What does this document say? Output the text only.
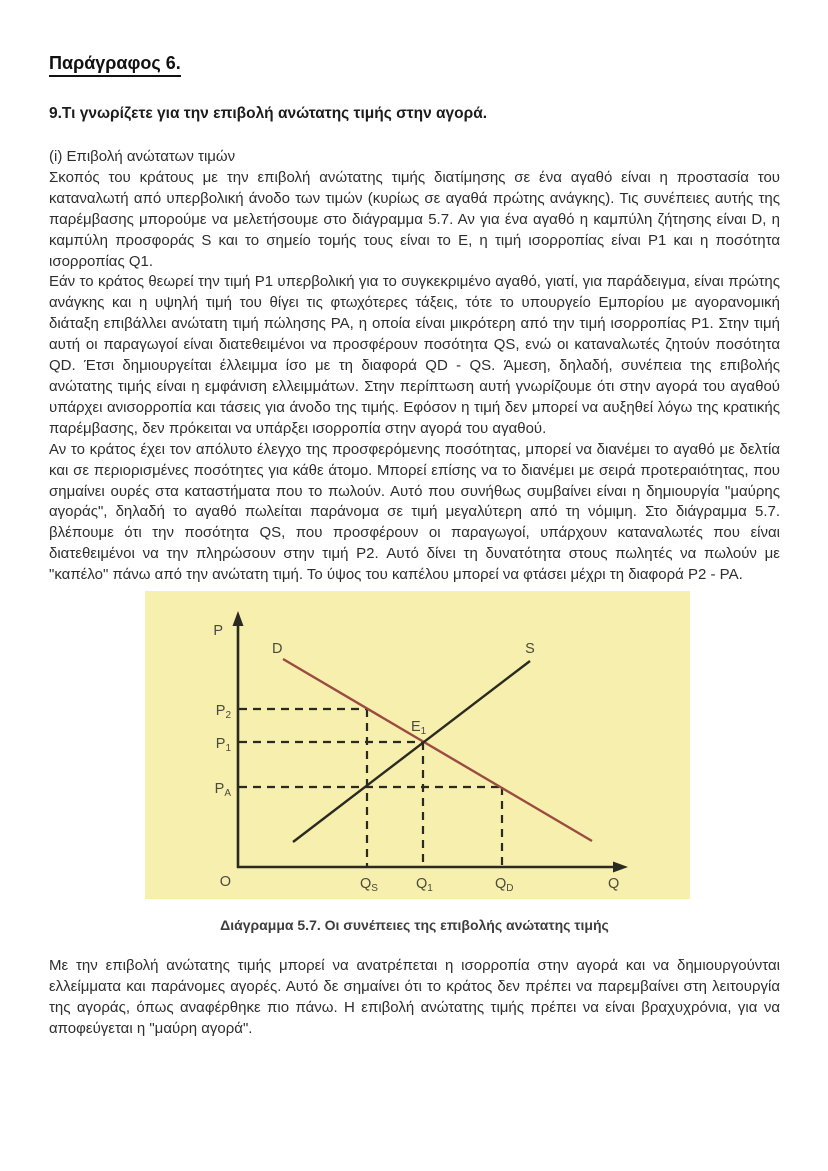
Παράγραφος 6.
9.Τι γνωρίζετε για την επιβολή ανώτατης τιμής στην αγορά.

(i) Επιβολή ανώτατων τιμών

Σκοπός του κράτους με την επιβολή ανώτατης τιμής διατίμησης σε ένα αγαθό είναι η προστασία του καταναλωτή από υπερβολική άνοδο των τιμών (κυρίως σε αγαθά πρώτης ανάγκης). Τις συνέπειες αυτής της παρέμβασης μπορούμε να μελετήσουμε στο διάγραμμα 5.7. Αν για ένα αγαθό η καμπύλη ζήτησης είναι D, η καμπύλη προσφοράς S και το σημείο τομής τους είναι το Ε, η τιμή ισορροπίας είναι P1 και η ποσότητα ισορροπίας Q1.

Εάν το κράτος θεωρεί την τιμή P1 υπερβολική για το συγκεκριμένο αγαθό, γιατί, για παράδειγμα, είναι πρώτης ανάγκης και η υψηλή τιμή του θίγει τις φτωχότερες τάξεις, τότε το υπουργείο Εμπορίου με αγορανομική διάταξη επιβάλλει ανώτατη τιμή πώλησης PA, η οποία είναι μικρότερη από την τιμή ισορροπίας P1. Στην τιμή αυτή οι παραγωγοί είναι διατεθειμένοι να προσφέρουν ποσότητα QS, ενώ οι καταναλωτές ζητούν ποσότητα QD. Έτσι δημιουργείται έλλειμμα ίσο με τη διαφορά QD - QS. Άμεση, δηλαδή, συνέπεια της επιβολής ανώτατης τιμής είναι η εμφάνιση ελλειμμάτων. Στην περίπτωση αυτή γνωρίζουμε ότι στην αγορά του αγαθού υπάρχει ανισορροπία και τάσεις για άνοδο της τιμής. Εφόσον η τιμή δεν μπορεί να αυξηθεί λόγω της κρατικής παρέμβασης, δεν πρόκειται να υπάρξει ισορροπία στην αγορά του αγαθού.

Αν το κράτος έχει τον απόλυτο έλεγχο της προσφερόμενης ποσότητας, μπορεί να διανέμει το αγαθό με δελτία και σε περιορισμένες ποσότητες για κάθε άτομο. Μπορεί επίσης να το διανέμει με σειρά προτεραιότητας, που σημαίνει ουρές στα καταστήματα που το πωλούν. Αυτό που συνήθως συμβαίνει είναι η δημιουργία "μαύρης αγοράς", δηλαδή το αγαθό πωλείται παράνομα σε τιμή μεγαλύτερη από τη νόμιμη. Στο διάγραμμα 5.7. βλέπουμε ότι την ποσότητα QS, που προσφέρουν οι παραγωγοί, υπάρχουν καταναλωτές που είναι διατεθειμένοι να την πληρώσουν στην τιμή P2. Αυτό δίνει τη δυνατότητα στους πωλητές να πωλούν με "καπέλο" πάνω από την ανώτατη τιμή. Το ύψος του καπέλου μπορεί να φτάσει μέχρι τη διαφορά P2 - PA.

P
Q
O
D	S
$E_1$
$P_2$
$P_1$
$P_A$
$Q_S$	$Q_1$	$Q_D$
Διάγραμμα 5.7. Οι συνέπειες της επιβολής ανώτατης τιμής

Με την επιβολή ανώτατης τιμής μπορεί να ανατρέπεται η ισορροπία στην αγορά και να δημιουργούνται ελλείμματα και παράνομες αγορές. Αυτό δε σημαίνει ότι το κράτος δεν πρέπει να παρεμβαίνει στη λειτουργία της αγοράς, όπως αναφέρθηκε πιο πάνω. Η επιβολή ανώτατης τιμής πρέπει να είναι βραχυχρόνια, για να αποφεύγεται η "μαύρη αγορά".
